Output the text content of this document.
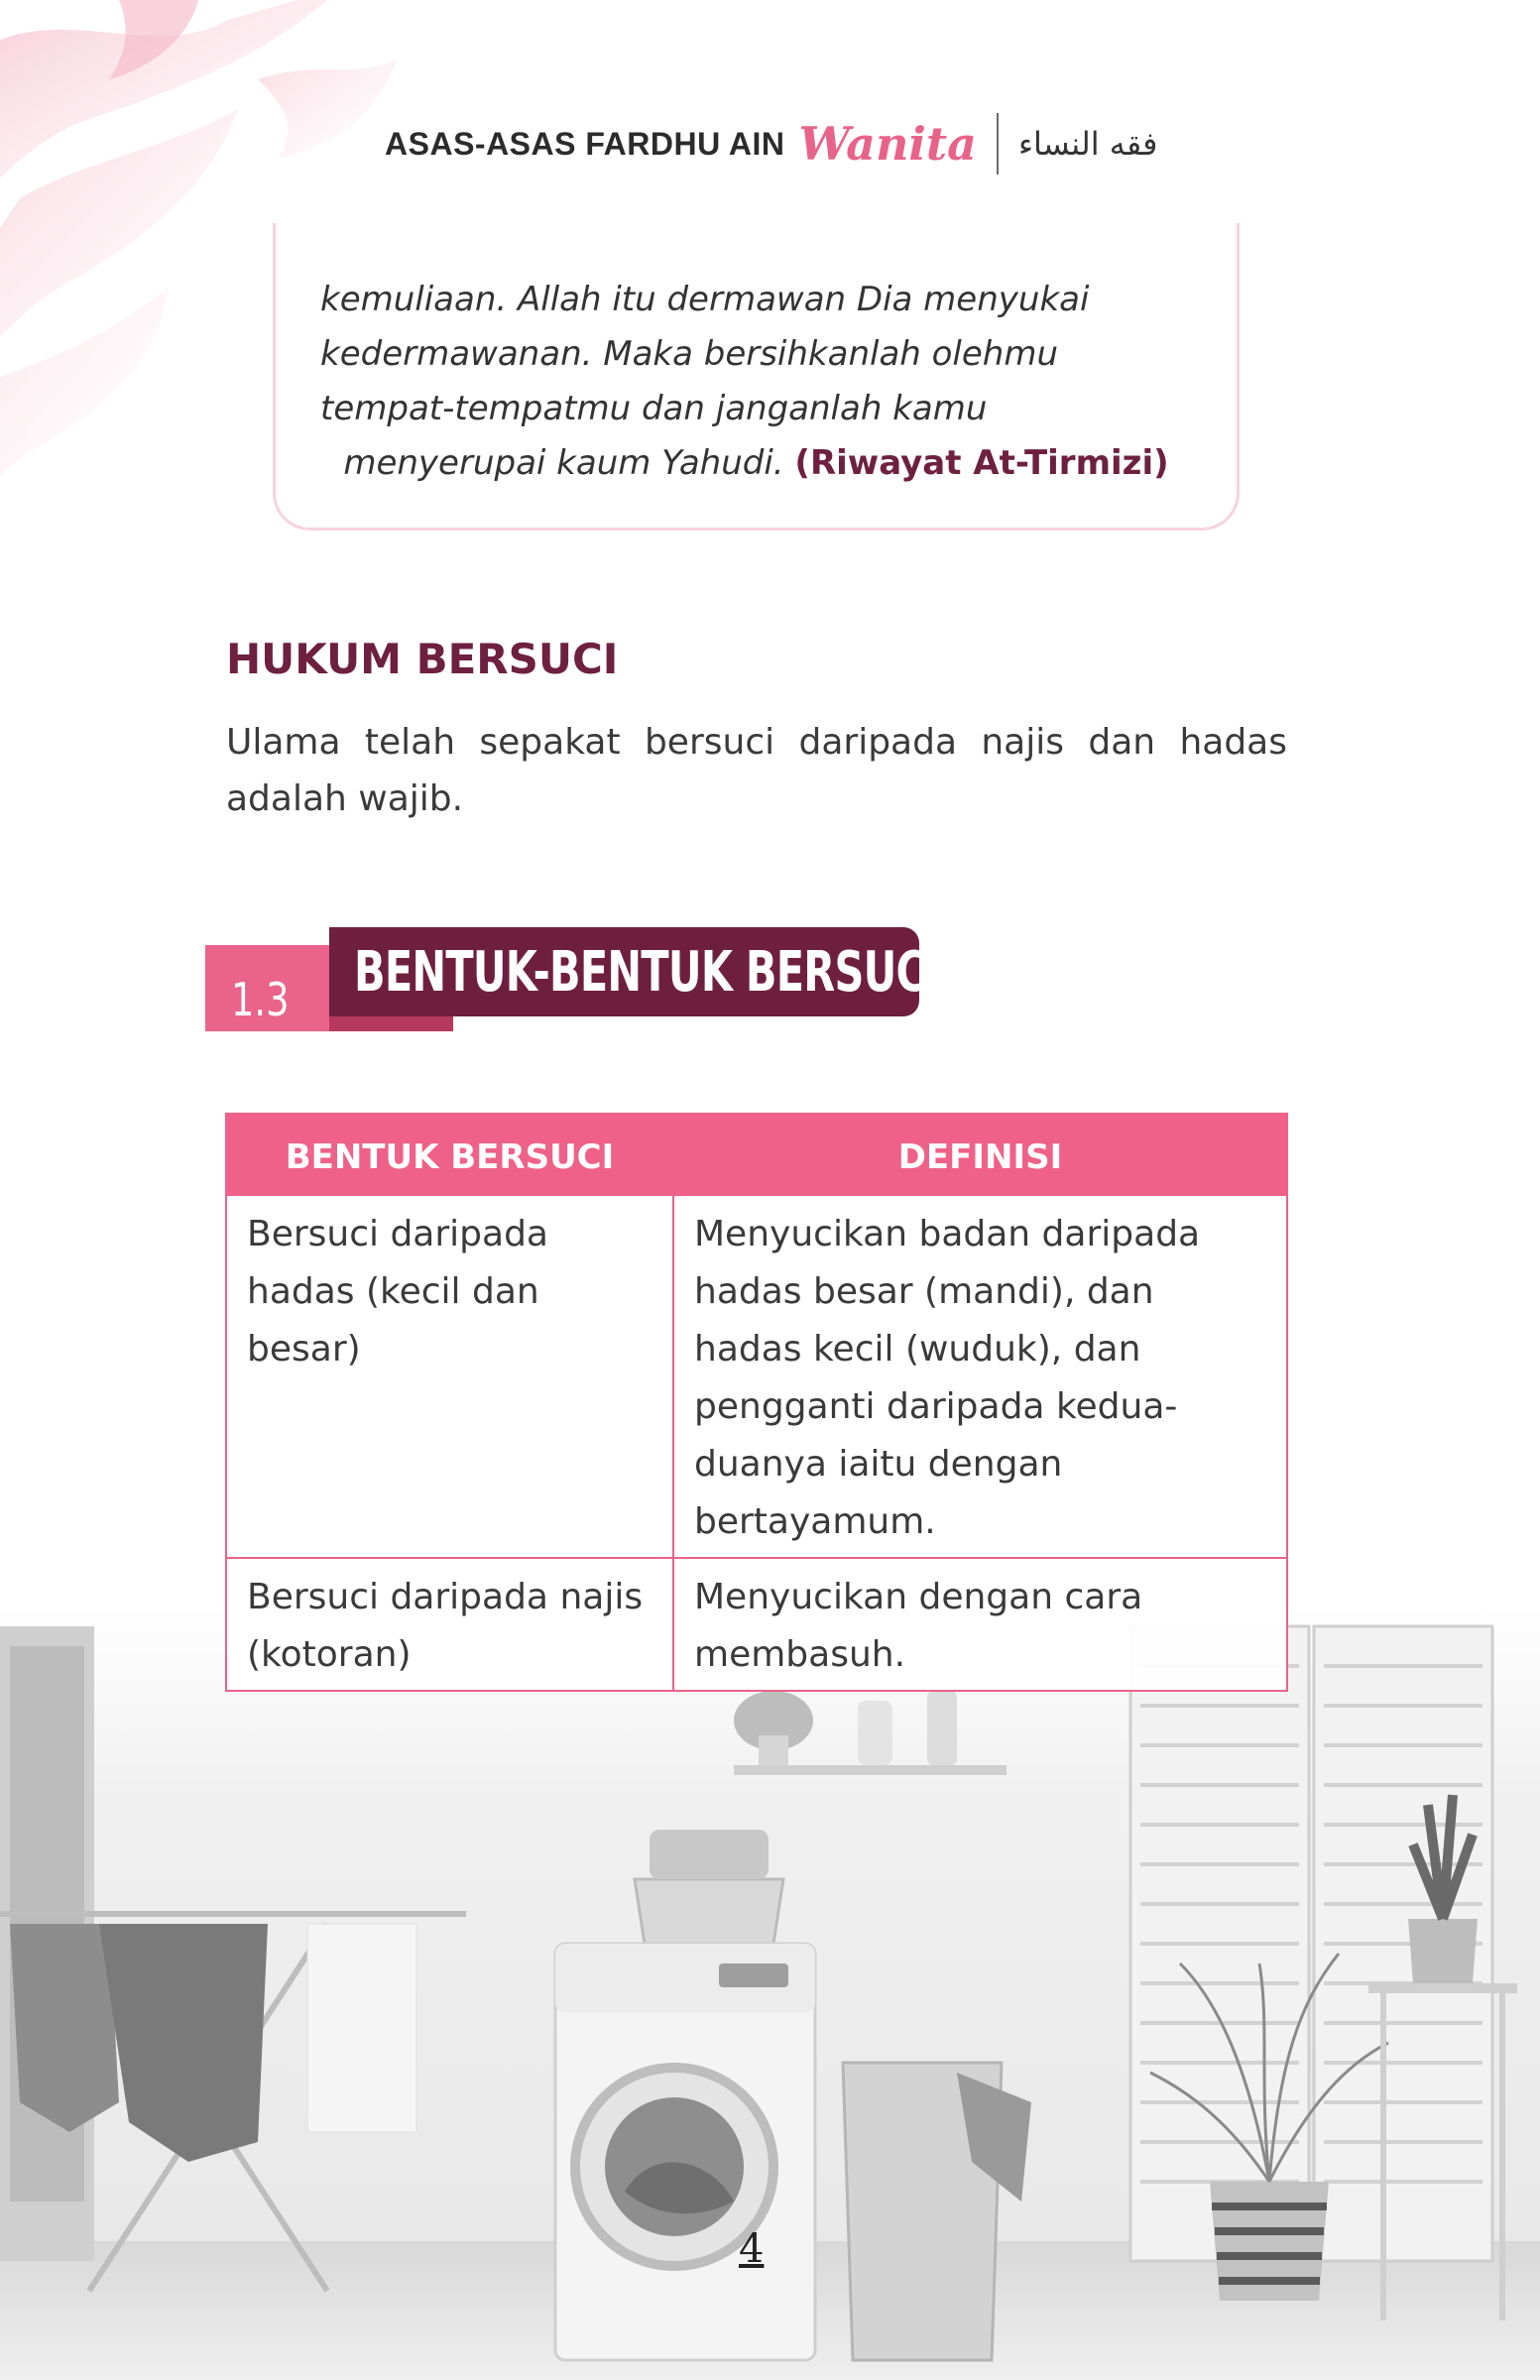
ASAS-ASAS FARDHU AIN Wanita فقه النساء

kemuliaan. Allah itu dermawan Dia menyukai

kedermawanan. Maka bersihkanlah olehmu

tempat-tempatmu dan janganlah kamu

menyerupai kaum Yahudi. (Riwayat At-Tirmizi)

HUKUM BERSUCI

Ulama telah sepakat bersuci daripada najis dan hadas adalah wajib.

1.3 BENTUK-BENTUK BERSUCI
BENTUK BERSUCI	DEFINISI
Bersuci daripada hadas (kecil dan besar)	Menyucikan badan daripada hadas besar (mandi), dan hadas kecil (wuduk), dan pengganti daripada kedua-duanya iaitu dengan bertayamum.
Bersuci daripada najis (kotoran)	Menyucikan dengan cara membasuh.
4
